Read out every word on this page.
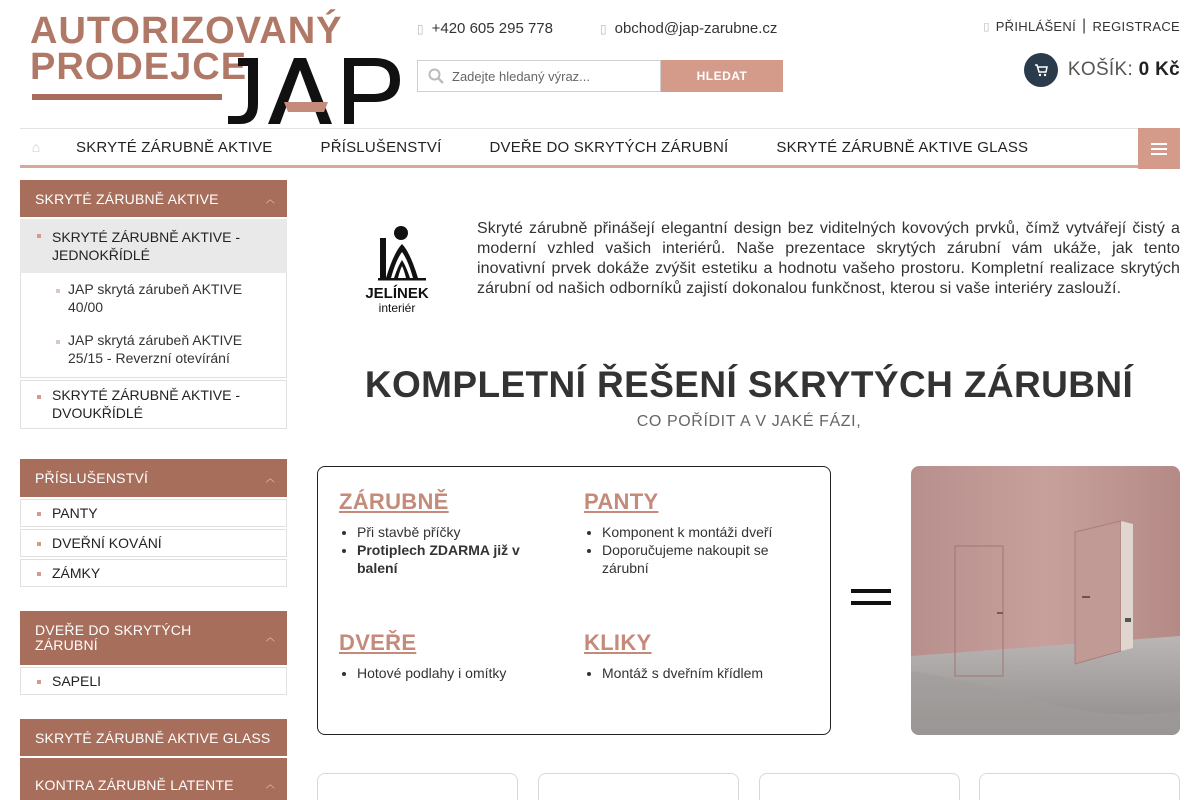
AUTORIZOVANÝ
PRODEJCE
▯ +420 605 295 778	▯ obchod@jap-zarubne.cz	▯ PŘIHLÁŠENÍ | REGISTRACE
Zadejte hledaný výraz...
HLEDAT	KOŠÍK: 0 Kč
⌂	SKRYTÉ ZÁRUBNĚ AKTIVE	PŘÍSLUŠENSTVÍ	DVEŘE DO SKRYTÝCH ZÁRUBNÍ	SKRYTÉ ZÁRUBNĚ AKTIVE GLASS
SKRYTÉ ZÁRUBNĚ AKTIVE	︿
SKRYTÉ ZÁRUBNĚ AKTIVE - JEDNOKŘÍDLÉ
JAP skrytá zárubeň AKTIVE 40/00
JAP skrytá zárubeň AKTIVE 25/15 - Reverzní otevírání
SKRYTÉ ZÁRUBNĚ AKTIVE - DVOUKŘÍDLÉ
PŘÍSLUŠENSTVÍ	︿
PANTY
DVEŘNÍ KOVÁNÍ
ZÁMKY
DVEŘE DO SKRYTÝCH ZÁRUBNÍ	︿
SAPELI
SKRYTÉ ZÁRUBNĚ AKTIVE GLASS
KONTRA ZÁRUBNĚ LATENTE	︿
JELÍNEK
interiér

Skryté zárubně přinášejí elegantní design bez viditelných kovových prvků, čímž vytvářejí čistý a moderní vzhled vašich interiérů. Naše prezentace skrytých zárubní vám ukáže, jak tento inovativní prvek dokáže zvýšit estetiku a hodnotu vašeho prostoru. Kompletní realizace skrytých zárubní od našich odborníků zajistí dokonalou funkčnost, kterou si vaše interiéry zaslouží.

KOMPLETNÍ ŘEŠENÍ SKRYTÝCH ZÁRUBNÍ
CO POŘÍDIT A V JAKÉ FÁZI,
ZÁRUBNĚ
• Při stavbě příčky
• Protiplech ZDARMA již v balení
PANTY
• Komponent k montáži dveří
• Doporučujeme nakoupit se zárubní
DVEŘE
• Hotové podlahy i omítky
KLIKY
• Montáž s dveřním křídlem
